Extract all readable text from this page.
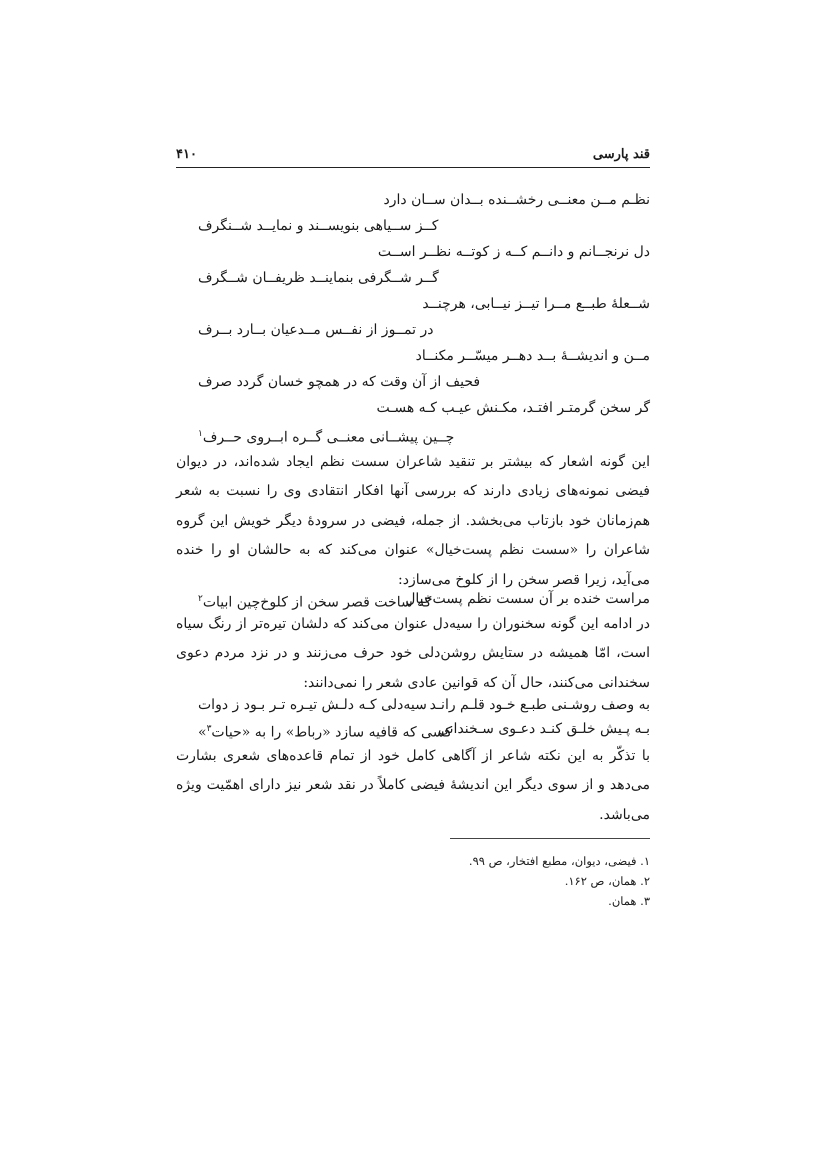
قند پارسی
۴۱۰
نظـم مــن معنــی رخشــنده بــدان ســان دارد
کــز ســیاهی بنویســند و نمایــد شــنگرف
دل نرنجــانم و دانــم کــه ز کوتــه نظــر اســت
گــر شــگرفی بنماینــد ظریفــان شــگرف
شــعلهٔ طبــع مــرا تیــز نیــابی، هرچنــد
در تمــوز از نفــس مــدعیان بــارد بــرف
مــن و اندیشــهٔ بــد دهــر میسّــر مکنــاد
فحیف از آن وقت که در همچو خسان گردد صرف
گر سخن گرمتـر افتـد، مکـنش عیـب کـه هسـت
چــین پیشــانی معنــی گــره ابــروی حــرف$^۱$
این گونه اشعار که بیشتر بر تنقید شاعران سست نظم ایجاد شده‌اند، در دیوان فیضی نمونه‌های زیادی دارند که بررسی آنها افکار انتقادی وی را نسبت به شعر هم‌زمانان خود بازتاب می‌بخشد. از جمله، فیضی در سرودهٔ دیگر خویش این گروه شاعران را «سست نظم پست‌خیال» عنوان می‌کند که به حالشان او را خنده می‌آید، زیرا قصر سخن را از کلوخ می‌سازد:
مراست خنده بر آن سست نظم پست‌خیال
که ساخت قصر سخن از کلوخ‌چین ابیات$^۲$
در ادامه این گونه سخنوران را سیه‌دل عنوان می‌کند که دلشان تیره‌تر از رنگ سیاه است، امّا همیشه در ستایش روشن‌دلی خود حرف می‌زنند و در نزد مردم دعوی سخندانی می‌کنند، حال آن که قوانین عادی شعر را نمی‌دانند:
به وصف روشـنی طبـع خـود قلـم رانـد
سیه‌دلی کـه دلـش تیـره تـر بـود ز دوات
بـه پـیش خلـق کنـد دعـوی سـخندانی
کسی که قافیه سازد «رباط» را به «حیات$^۳$»
با تذکّر به این نکته شاعر از آگاهی کامل خود از تمام قاعده‌های شعری بشارت می‌دهد و از سوی دیگر این اندیشهٔ فیضی کاملاً در نقد شعر نیز دارای اهمّیت ویژه می‌باشد.
۱. فیضی، دیوان، مطبع افتخار، ص ۹۹.
۲. همان، ص ۱۶۲.
۳. همان.
